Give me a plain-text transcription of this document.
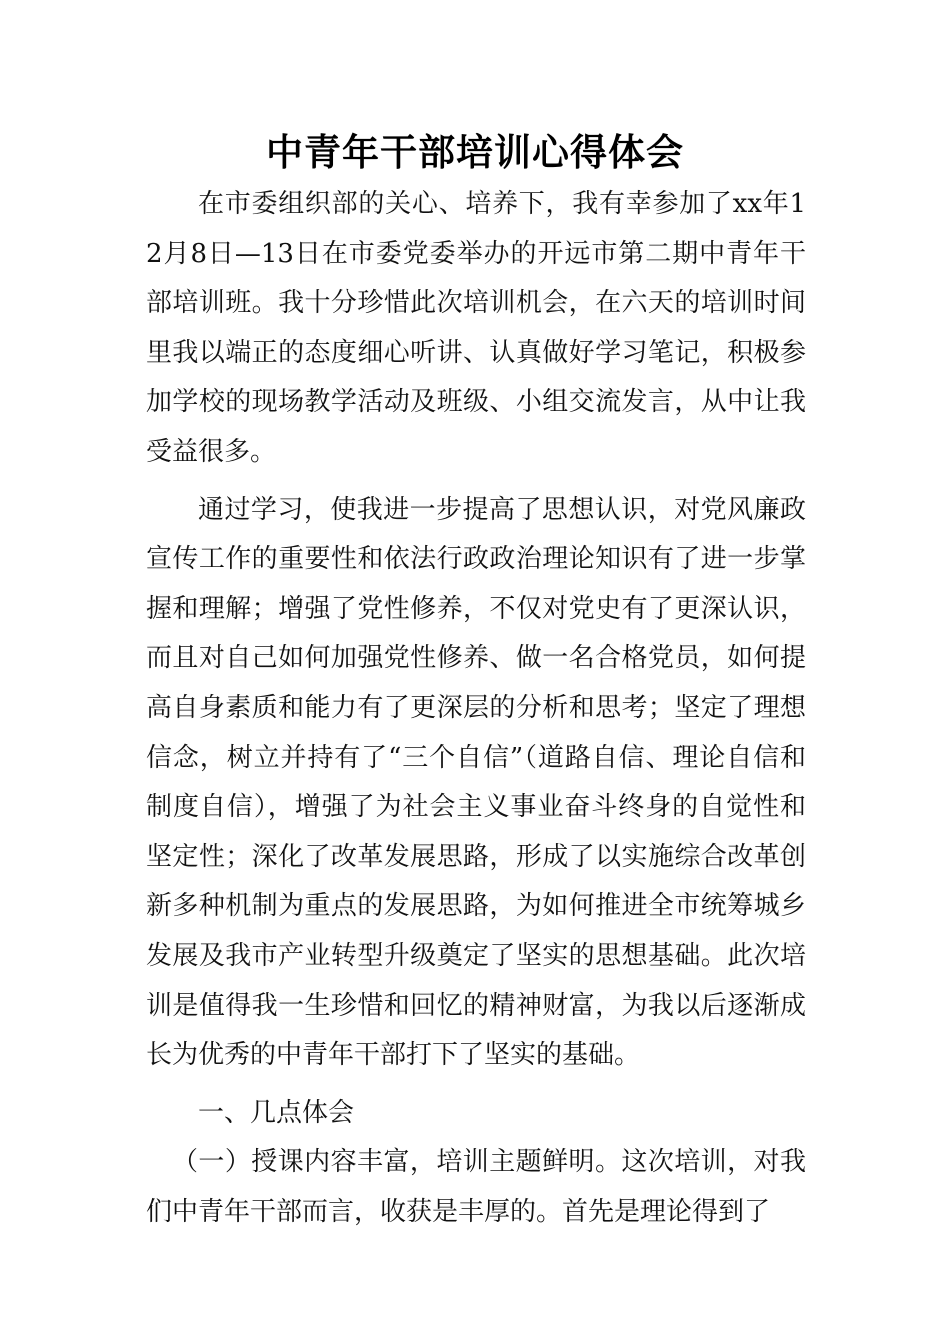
中青年干部培训心得体会

在市委组织部的关心、培养下，我有幸参加了xx年12月8日—13日在市委党委举办的开远市第二期中青年干部培训班。我十分珍惜此次培训机会，在六天的培训时间里我以端正的态度细心听讲、认真做好学习笔记，积极参加学校的现场教学活动及班级、小组交流发言，从中让我受益很多。

通过学习，使我进一步提高了思想认识，对党风廉政宣传工作的重要性和依法行政政治理论知识有了进一步掌握和理解；增强了党性修养，不仅对党史有了更深认识，而且对自己如何加强党性修养、做一名合格党员，如何提高自身素质和能力有了更深层的分析和思考；坚定了理想信念，树立并持有了“三个自信”（道路自信、理论自信和制度自信），增强了为社会主义事业奋斗终身的自觉性和坚定性；深化了改革发展思路，形成了以实施综合改革创新多种机制为重点的发展思路，为如何推进全市统筹城乡发展及我市产业转型升级奠定了坚实的思想基础。此次培训是值得我一生珍惜和回忆的精神财富，为我以后逐渐成长为优秀的中青年干部打下了坚实的基础。

一、几点体会

（一）授课内容丰富，培训主题鲜明。这次培训，对我们中青年干部而言，收获是丰厚的。首先是理论得到了
